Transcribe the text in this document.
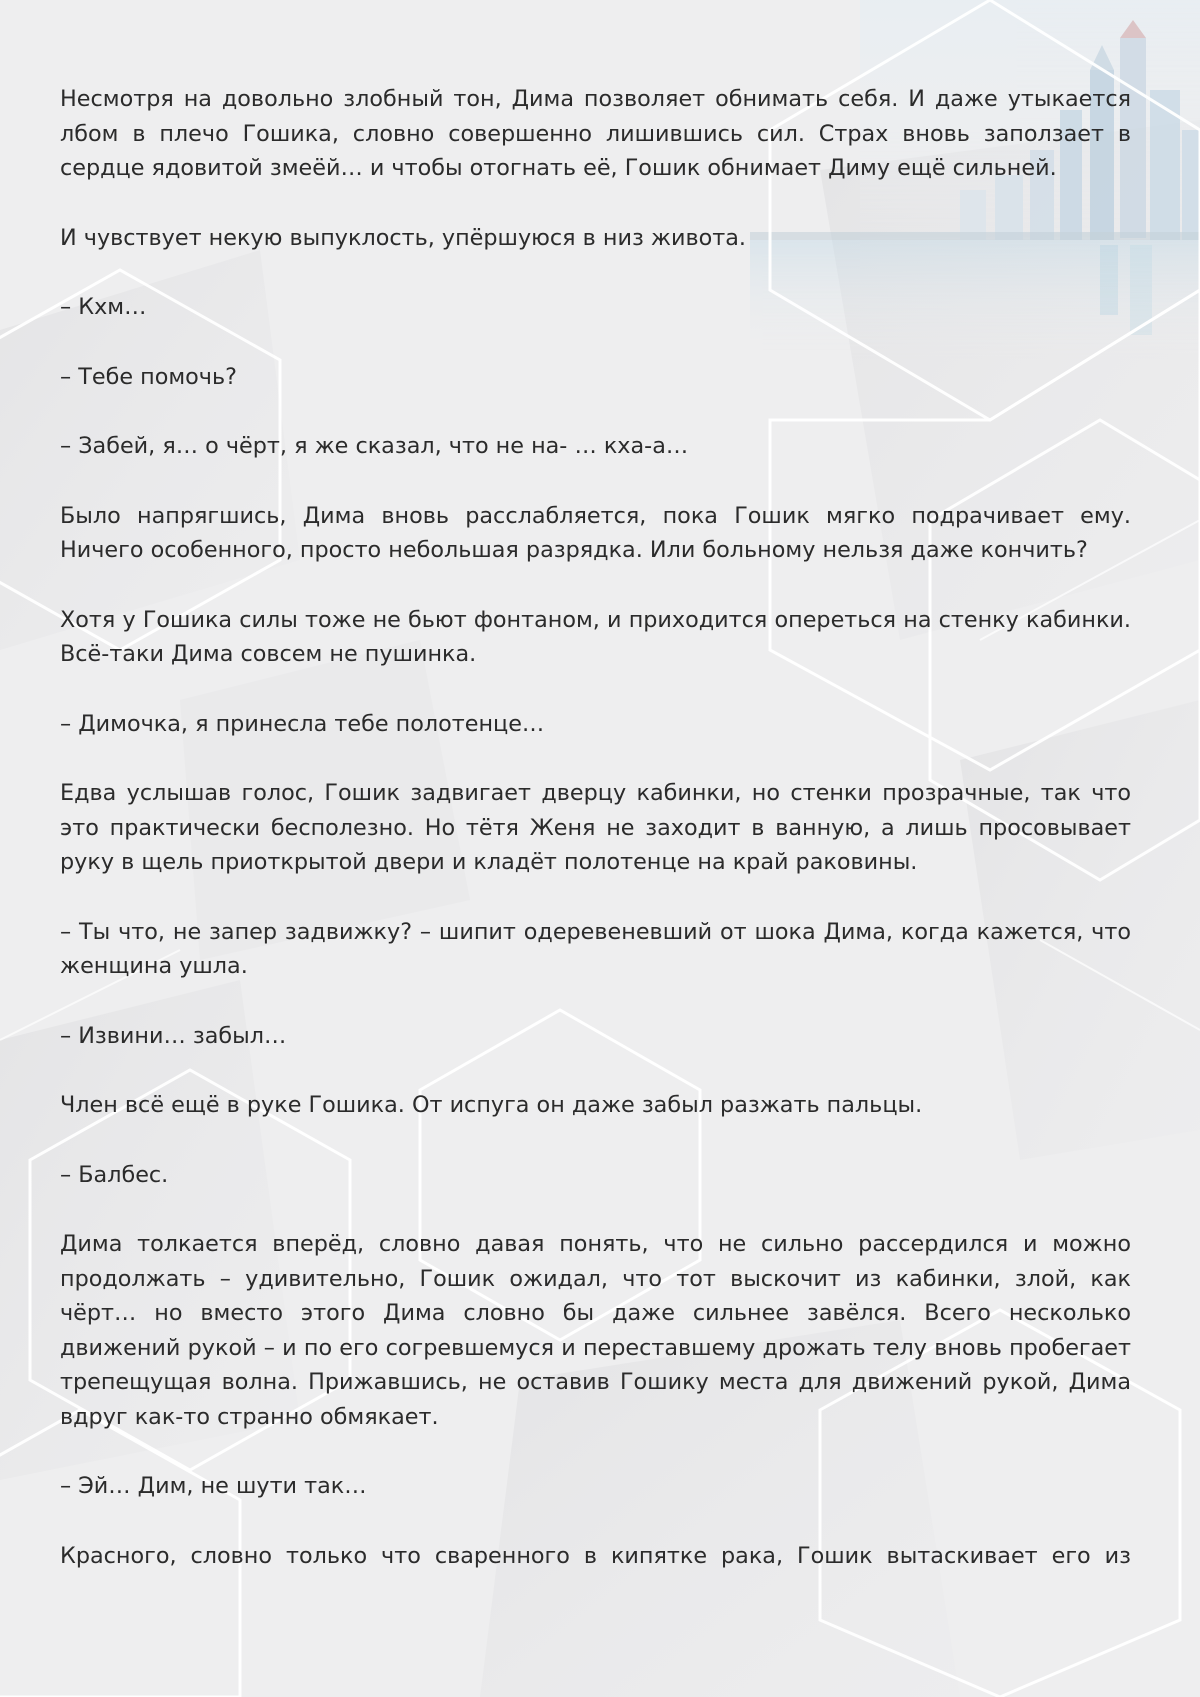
Несмотря на довольно злобный тон, Дима позволяет обнимать себя. И даже утыкается лбом в плечо Гошика, словно совершенно лишившись сил. Страх вновь заползает в сердце ядовитой змеёй… и чтобы отогнать её, Гошик обнимает Диму ещё сильней.

И чувствует некую выпуклость, упёршуюся в низ живота.

– Кхм…

– Тебе помочь?

– Забей, я… о чёрт, я же сказал, что не на- … кха-а…

Было напрягшись, Дима вновь расслабляется, пока Гошик мягко подрачивает ему. Ничего особенного, просто небольшая разрядка. Или больному нельзя даже кончить?

Хотя у Гошика силы тоже не бьют фонтаном, и приходится опереться на стенку кабинки. Всё-таки Дима совсем не пушинка.

– Димочка, я принесла тебе полотенце…

Едва услышав голос, Гошик задвигает дверцу кабинки, но стенки прозрачные, так что это практически бесполезно. Но тётя Женя не заходит в ванную, а лишь просовывает руку в щель приоткрытой двери и кладёт полотенце на край раковины.

– Ты что, не запер задвижку? – шипит одеревеневший от шока Дима, когда кажется, что женщина ушла.

– Извини… забыл…

Член всё ещё в руке Гошика. От испуга он даже забыл разжать пальцы.

– Балбес.

Дима толкается вперёд, словно давая понять, что не сильно рассердился и можно продолжать – удивительно, Гошик ожидал, что тот выскочит из кабинки, злой, как чёрт… но вместо этого Дима словно бы даже сильнее завёлся. Всего несколько движений рукой – и по его согревшемуся и переставшему дрожать телу вновь пробегает трепещущая волна. Прижавшись, не оставив Гошику места для движений рукой, Дима вдруг как-то странно обмякает.

– Эй… Дим, не шути так…

Красного, словно только что сваренного в кипятке рака, Гошик вытаскивает его из
